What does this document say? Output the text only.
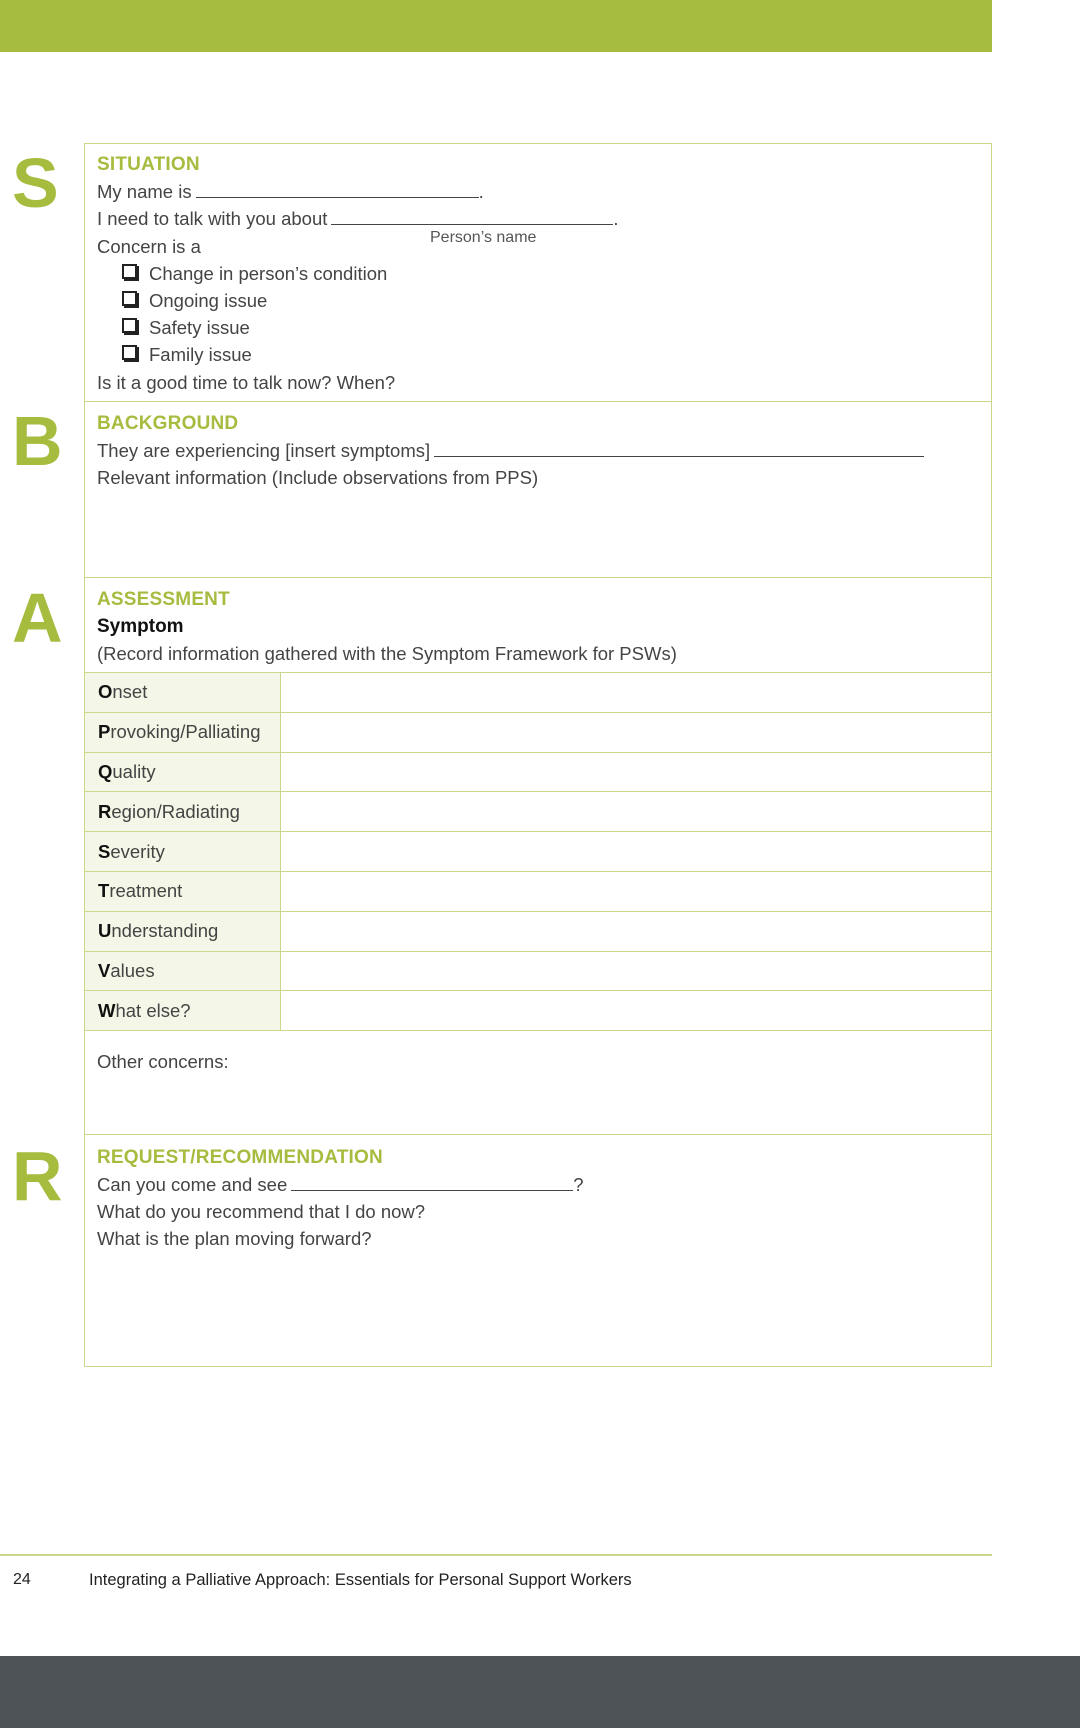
S
B
A
R
SITUATION
My name is	.
I need to talk with you about	.
Person’s name
Concern is a
Change in person’s condition
Ongoing issue
Safety issue
Family issue
Is it a good time to talk now? When?
BACKGROUND
They are experiencing [insert symptoms]
Relevant information (Include observations from PPS)
ASSESSMENT
Symptom
(Record information gathered with the Symptom Framework for PSWs)
Onset	
Provoking/Palliating	
Quality	
Region/Radiating	
Severity	
Treatment	
Understanding	
Values	
What else?	
Other concerns:
REQUEST/RECOMMENDATION
Can you come and see	?
What do you recommend that I do now?
What is the plan moving forward?
24	Integrating a Palliative Approach: Essentials for Personal Support Workers
